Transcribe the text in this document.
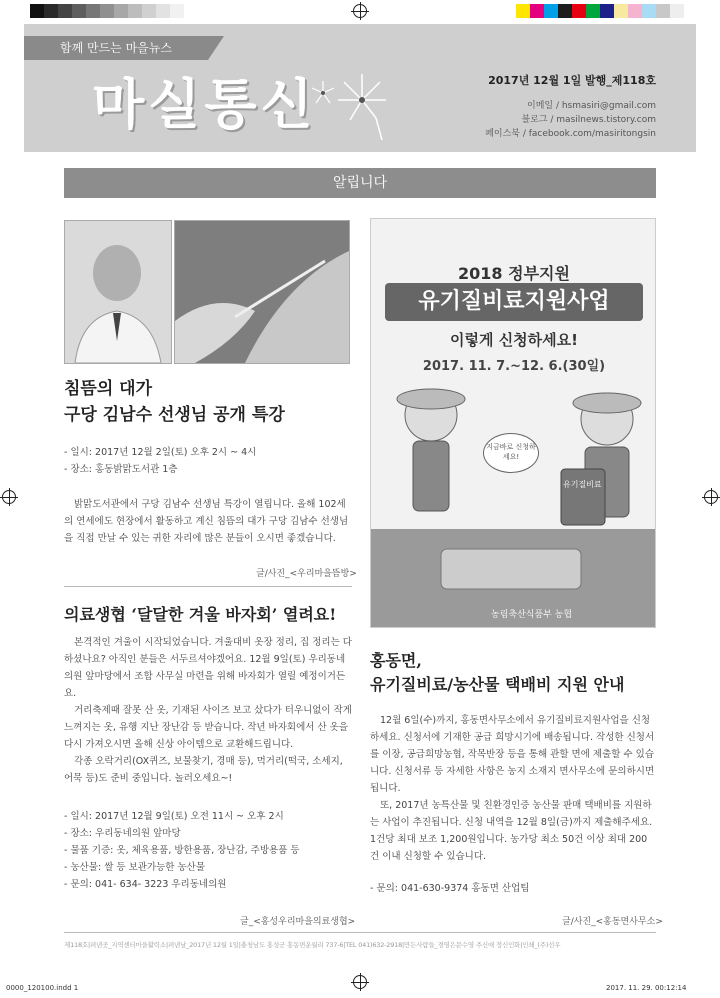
함께 만드는 마을뉴스
마실통신	2017년 12월 1일 발행_제118호
이메일 / hsmasiri@gmail.com
블로그 / masilnews.tistory.com
페이스북 / facebook.com/masiritongsin
알립니다
침뜸의 대가
구당 김남수 선생님 공개 특강
- 일시: 2017년 12월 2일(토) 오후 2시 ~ 4시
- 장소: 홍동밝맑도서관 1층
밝맑도서관에서 구당 김남수 선생님 특강이 열립니다. 올해 102세의 연세에도 현장에서 활동하고 계신 침뜸의 대가 구당 김남수 선생님을 직접 만날 수 있는 귀한 자리에 많은 분들이 오시면 좋겠습니다.
글/사진_<우리마을뜸방>
의료생협 ‘달달한 겨울 바자회’ 열려요!

본격적인 겨울이 시작되었습니다. 겨울대비 옷장 정리, 집 정리는 다 하셨나요? 아직인 분들은 서두르셔야겠어요. 12월 9일(토) 우리동네의원 앞마당에서 조합 사무실 마련을 위해 바자회가 열릴 예정이거든요.

거리축제때 잘못 산 옷, 기재된 사이즈 보고 샀다가 터우니없이 작게 느껴지는 옷, 유행 지난 장난감 등 받습니다. 작년 바자회에서 산 옷을 다시 가져오시면 올해 신상 아이템으로 교환해드립니다.

각종 오락거리(OX퀴즈, 보물찾기, 경매 등), 먹거리(떡국, 소세지, 어묵 등)도 준비 중입니다. 놀러오세요~!

- 일시: 2017년 12월 9일(토) 오전 11시 ~ 오후 2시

- 장소: 우리동네의원 앞마당

- 물품 기증: 옷, 체육용품, 방한용품, 장난감, 주방용품 등

- 농산물: 쌀 등 보관가능한 농산물

- 문의: 041- 634- 3223 우리동네의원

글_<홍성우리마을의료생협>
2018 정부지원
유기질비료지원사업
이렇게 신청하세요!
2017. 11. 7.~12. 6.(30일)
지금바로 신청하세요!
유기질비료
농림축산식품부 농협
홍동면,
유기질비료/농산물 택배비 지원 안내

12월 6일(수)까지, 홍동면사무소에서 유기질비료지원사업을 신청하세요. 신청서에 기재한 공급 희망시기에 배송됩니다. 작성한 신청서를 이장, 공급희망농협, 작목반장 등을 통해 관할 면에 제출할 수 있습니다. 신청서류 등 자세한 사항은 농지 소재지 면사무소에 문의하시면 됩니다.

또, 2017년 농특산물 및 친환경인증 농산물 판매 택배비를 지원하는 사업이 추진됩니다. 신청 내역을 12월 8일(금)까지 제출해주세요. 1건당 최대 보조 1,200원입니다. 농가당 최소 50건 이상 최대 200건 이내 신청할 수 있습니다.

- 문의: 041-630-9374 홍동면 산업팀
글/사진_<홍동면사무소>
제118호|펴낸곳_지역센터마을활력소|펴낸날_2017년 12월 1일|충청남도 홍성군 홍동면운월리 737-6|TEL 041)632-2918|만든사람들_경영은문수영 주신애 정신인화|인쇄_(주)선우
0000_120100.indd 1	2017. 11. 29. 00:12:14
